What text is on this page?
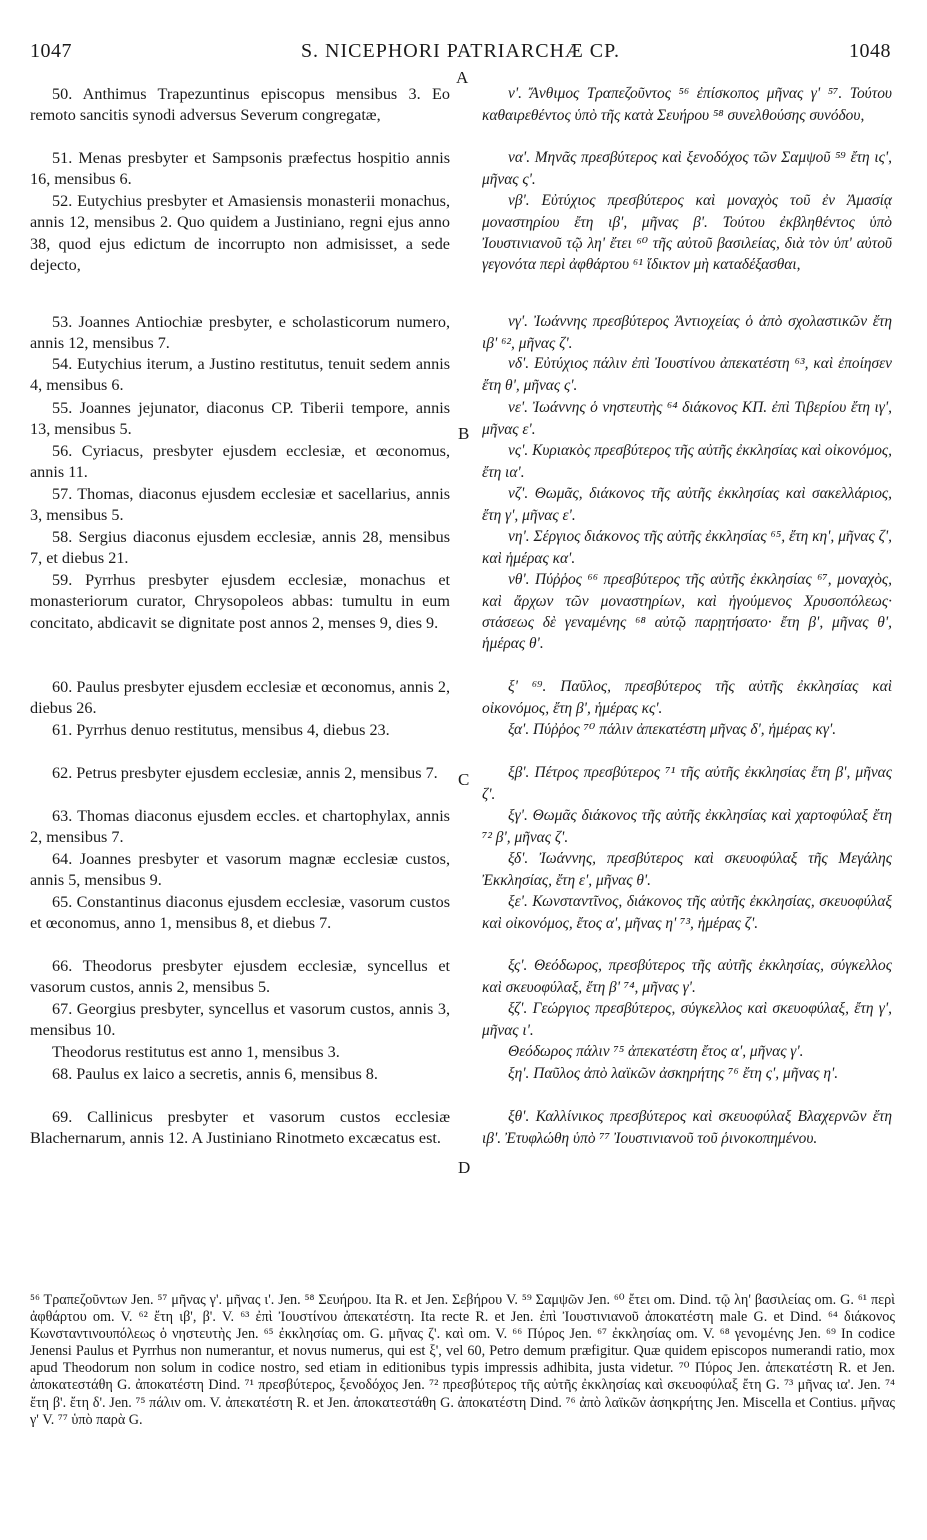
1047	S. NICEPHORI PATRIARCHÆ CP.	1048

50. Anthimus Trapezuntinus episcopus mensibus 3. Eo remoto sancitis synodi adversus Severum congregatæ,

51. Menas presbyter et Sampsonis præfectus hospitio annis 16, mensibus 6.

52. Eutychius presbyter et Amasiensis monasterii monachus, annis 12, mensibus 2. Quo quidem a Justiniano, regni ejus anno 38, quod ejus edictum de incorrupto non admisisset, a sede dejecto,

53. Joannes Antiochiæ presbyter, e scholasticorum numero, annis 12, mensibus 7.

54. Eutychius iterum, a Justino restitutus, tenuit sedem annis 4, mensibus 6.

55. Joannes jejunator, diaconus CP. Tiberii tempore, annis 13, mensibus 5.

56. Cyriacus, presbyter ejusdem ecclesiæ, et œconomus, annis 11.

57. Thomas, diaconus ejusdem ecclesiæ et sacellarius, annis 3, mensibus 5.

58. Sergius diaconus ejusdem ecclesiæ, annis 28, mensibus 7, et diebus 21.

59. Pyrrhus presbyter ejusdem ecclesiæ, monachus et monasteriorum curator, Chrysopoleos abbas: tumultu in eum concitato, abdicavit se dignitate post annos 2, menses 9, dies 9.

60. Paulus presbyter ejusdem ecclesiæ et œconomus, annis 2, diebus 26.

61. Pyrrhus denuo restitutus, mensibus 4, diebus 23.

62. Petrus presbyter ejusdem ecclesiæ, annis 2, mensibus 7.

63. Thomas diaconus ejusdem eccles. et chartophylax, annis 2, mensibus 7.

64. Joannes presbyter et vasorum magnæ ecclesiæ custos, annis 5, mensibus 9.

65. Constantinus diaconus ejusdem ecclesiæ, vasorum custos et œconomus, anno 1, mensibus 8, et diebus 7.

66. Theodorus presbyter ejusdem ecclesiæ, syncellus et vasorum custos, annis 2, mensibus 5.

67. Georgius presbyter, syncellus et vasorum custos, annis 3, mensibus 10.

Theodorus restitutus est anno 1, mensibus 3.

68. Paulus ex laico a secretis, annis 6, mensibus 8.

69. Callinicus presbyter et vasorum custos ecclesiæ Blachernarum, annis 12. A Justiniano Rinotmeto excæcatus est.

A
B
C
D

ν'. Ἄνθιμος Τραπεζοῦντος ⁵⁶ ἐπίσκοπος μῆνας γ' ⁵⁷. Τούτου καθαιρεθέντος ὑπὸ τῆς κατὰ Σευήρου ⁵⁸ συνελθούσης συνόδου,

να'. Μηνᾶς πρεσβύτερος καὶ ξενοδόχος τῶν Σαμψοῦ ⁵⁹ ἔτη ις', μῆνας ς'.

νβ'. Εὐτύχιος πρεσβύτερος καὶ μοναχὸς τοῦ ἐν Ἀμασίᾳ μοναστηρίου ἔτη ιβ', μῆνας β'. Τούτου ἐκβληθέντος ὑπὸ Ἰουστινιανοῦ τῷ λη' ἔτει ⁶⁰ τῆς αὐτοῦ βασιλείας, διὰ τὸν ὑπ' αὐτοῦ γεγονότα περὶ ἀφθάρτου ⁶¹ ἴδικτον μὴ καταδέξασθαι,

νγ'. Ἰωάννης πρεσβύτερος Ἀντιοχείας ὁ ἀπὸ σχολαστικῶν ἔτη ιβ' ⁶², μῆνας ζ'.

νδ'. Εὐτύχιος πάλιν ἐπὶ Ἰουστίνου ἀπεκατέστη ⁶³, καὶ ἐποίησεν ἔτη θ', μῆνας ς'.

νε'. Ἰωάννης ὁ νηστευτὴς ⁶⁴ διάκονος ΚΠ. ἐπὶ Τιβερίου ἔτη ιγ', μῆνας ε'.

νς'. Κυριακὸς πρεσβύτερος τῆς αὐτῆς ἐκκλησίας καὶ οἰκονόμος, ἔτη ια'.

νζ'. Θωμᾶς, διάκονος τῆς αὐτῆς ἐκκλησίας καὶ σακελλάριος, ἔτη γ', μῆνας ε'.

νη'. Σέργιος διάκονος τῆς αὐτῆς ἐκκλησίας ⁶⁵, ἔτη κη', μῆνας ζ', καὶ ἡμέρας κα'.

νθ'. Πύῤῥος ⁶⁶ πρεσβύτερος τῆς αὐτῆς ἐκκλησίας ⁶⁷, μοναχὸς, καὶ ἄρχων τῶν μοναστηρίων, καὶ ἡγούμενος Χρυσοπόλεως· στάσεως δὲ γεναμένης ⁶⁸ αὐτῷ παρῃτήσατο· ἔτη β', μῆνας θ', ἡμέρας θ'.

ξ' ⁶⁹. Παῦλος, πρεσβύτερος τῆς αὐτῆς ἐκκλησίας καὶ οἰκονόμος, ἔτη β', ἡμέρας κς'.

ξα'. Πύῤῥος ⁷⁰ πάλιν ἀπεκατέστη μῆνας δ', ἡμέρας κγ'.

ξβ'. Πέτρος πρεσβύτερος ⁷¹ τῆς αὐτῆς ἐκκλησίας ἔτη β', μῆνας ζ'.

ξγ'. Θωμᾶς διάκονος τῆς αὐτῆς ἐκκλησίας καὶ χαρτοφύλαξ ἔτη ⁷² β', μῆνας ζ'.

ξδ'. Ἰωάννης, πρεσβύτερος καὶ σκευοφύλαξ τῆς Μεγάλης Ἐκκλησίας, ἔτη ε', μῆνας θ'.

ξε'. Κωνσταντῖνος, διάκονος τῆς αὐτῆς ἐκκλησίας, σκευοφύλαξ καὶ οἰκονόμος, ἔτος α', μῆνας η' ⁷³, ἡμέρας ζ'.

ξς'. Θεόδωρος, πρεσβύτερος τῆς αὐτῆς ἐκκλησίας, σύγκελλος καὶ σκευοφύλαξ, ἔτη β' ⁷⁴, μῆνας γ'.

ξζ'. Γεώργιος πρεσβύτερος, σύγκελλος καὶ σκευοφύλαξ, ἔτη γ', μῆνας ι'.

Θεόδωρος πάλιν ⁷⁵ ἀπεκατέστη ἔτος α', μῆνας γ'.

ξη'. Παῦλος ἀπὸ λαϊκῶν ἀσκηρήτης ⁷⁶ ἔτη ς', μῆνας η'.

ξθ'. Καλλίνικος πρεσβύτερος καὶ σκευοφύλαξ Βλαχερνῶν ἔτη ιβ'. Ἐτυφλώθη ὑπὸ ⁷⁷ Ἰουστινιανοῦ τοῦ ῥινοκοπημένου.

⁵⁶ Τραπεζοῦντων Jen. ⁵⁷ μῆνας γ'. μῆνας ι'. Jen. ⁵⁸ Σευήρου. Ita R. et Jen. Σεβήρου V. ⁵⁹ Σαμψῶν Jen. ⁶⁰ ἔτει om. Dind. τῷ λη' βασιλείας om. G. ⁶¹ περὶ ἀφθάρτου om. V. ⁶² ἔτη ιβ', β'. V. ⁶³ ἐπὶ Ἰουστίνου ἀπεκατέστη. Ita recte R. et Jen. ἐπὶ Ἰουστινιανοῦ ἀποκατέστη male G. et Dind. ⁶⁴ διάκονος Κωνσταντινουπόλεως ὁ νηστευτὴς Jen. ⁶⁵ ἐκκλησίας om. G. μῆνας ζ'. καὶ om. V. ⁶⁶ Πύρος Jen. ⁶⁷ ἐκκλησίας om. V. ⁶⁸ γενομένης Jen. ⁶⁹ In codice Jenensi Paulus et Pyrrhus non numerantur, et novus numerus, qui est ξ', vel 60, Petro demum præfigitur. Quæ quidem episcopos numerandi ratio, mox apud Theodorum non solum in codice nostro, sed etiam in editionibus typis impressis adhibita, justa videtur. ⁷⁰ Πύρος Jen. ἀπεκατέστη R. et Jen. ἀποκατεστάθη G. ἀποκατέστη Dind. ⁷¹ πρεσβύτερος, ξενοδόχος Jen. ⁷² πρεσβύτερος τῆς αὐτῆς ἐκκλησίας καὶ σκευοφύλαξ ἔτη G. ⁷³ μῆνας ια'. Jen. ⁷⁴ ἔτη β'. ἔτη δ'. Jen. ⁷⁵ πάλιν om. V. ἀπεκατέστη R. et Jen. ἀποκατεστάθη G. ἀποκατέστη Dind. ⁷⁶ ἀπὸ λαϊκῶν ἀσηκρήτης Jen. Miscella et Contius. μῆνας γ' V. ⁷⁷ ὑπὸ παρὰ G.
